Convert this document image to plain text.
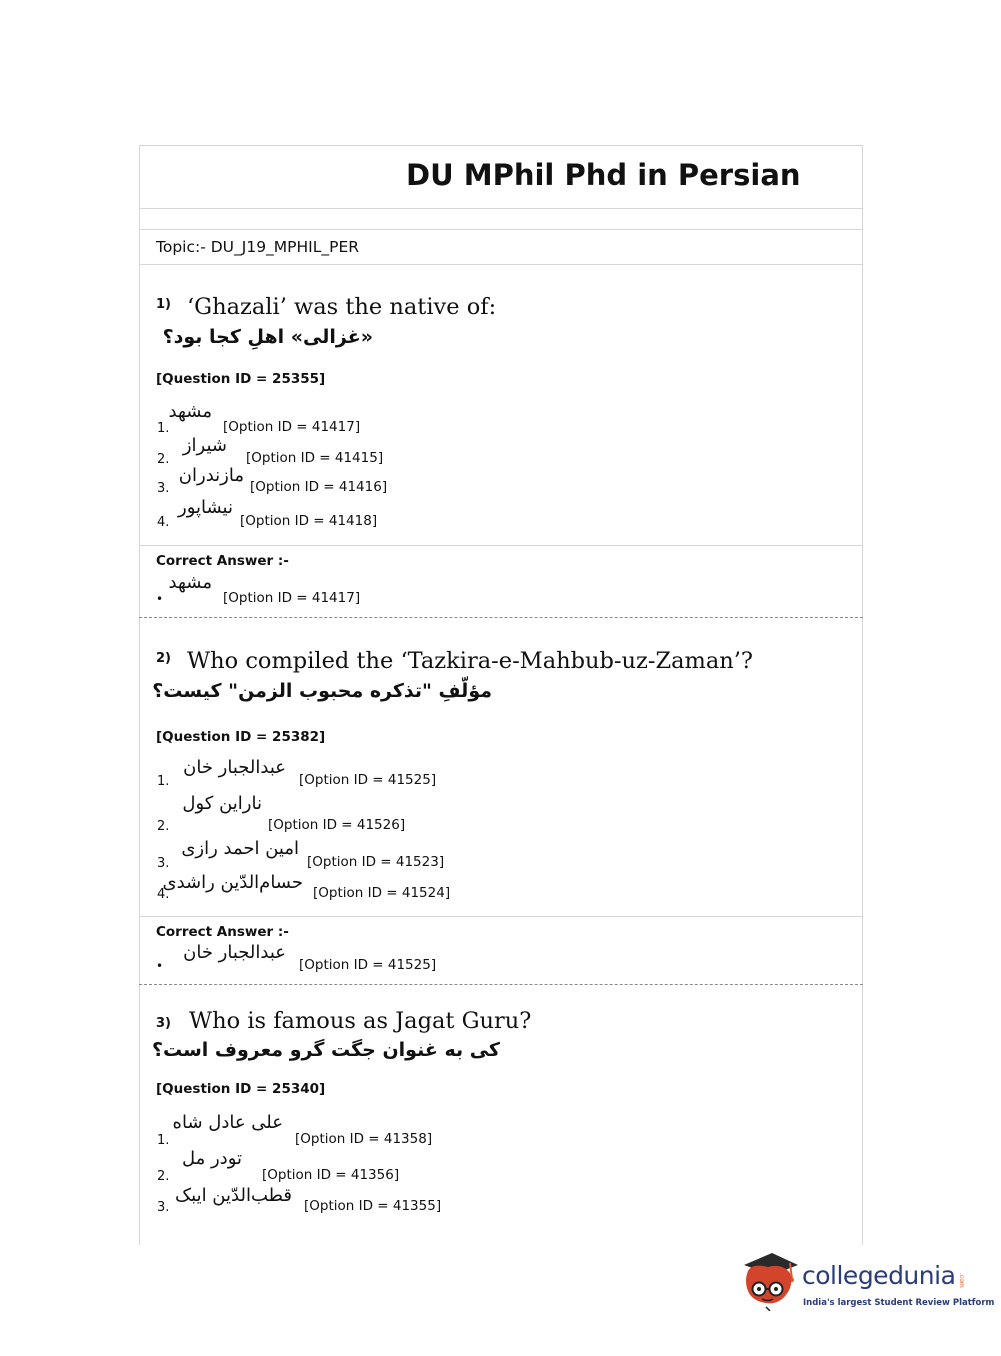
DU MPhil Phd in Persian
Topic:- DU_J19_MPHIL_PER
1) ‘Ghazali’ was the native of:
«غزالی» اهلِ کجا بود؟
[Question ID = 25355]
1.
مشهد
[Option ID = 41417]
2.
شیراز
[Option ID = 41415]
3.
مازندران
[Option ID = 41416]
4.
نیشاپور
[Option ID = 41418]
Correct Answer :-
•
مشهد
[Option ID = 41417]
2) Who compiled the ‘Tazkira-e-Mahbub-uz-Zaman’?
مؤلّفِ "تذکره محبوب الزمن" کیست؟
[Question ID = 25382]
1.
عبدالجبار خان
[Option ID = 41525]
2.
ناراین کول
[Option ID = 41526]
3.
امین احمد رازی
[Option ID = 41523]
4.
حسام‌الدّین راشدی [Option ID = 41524]
Correct Answer :-
•
عبدالجبار خان
[Option ID = 41525]
3) Who is famous as Jagat Guru?
کی به غنوان جگت گرو معروف است؟
[Question ID = 25340]
1.
علی عادل شاه
[Option ID = 41358]
2.
تودر مل
[Option ID = 41356]
3.
قطب‌الدّین ایبک [Option ID = 41355]
collegedunia .com
India's largest Student Review Platform
